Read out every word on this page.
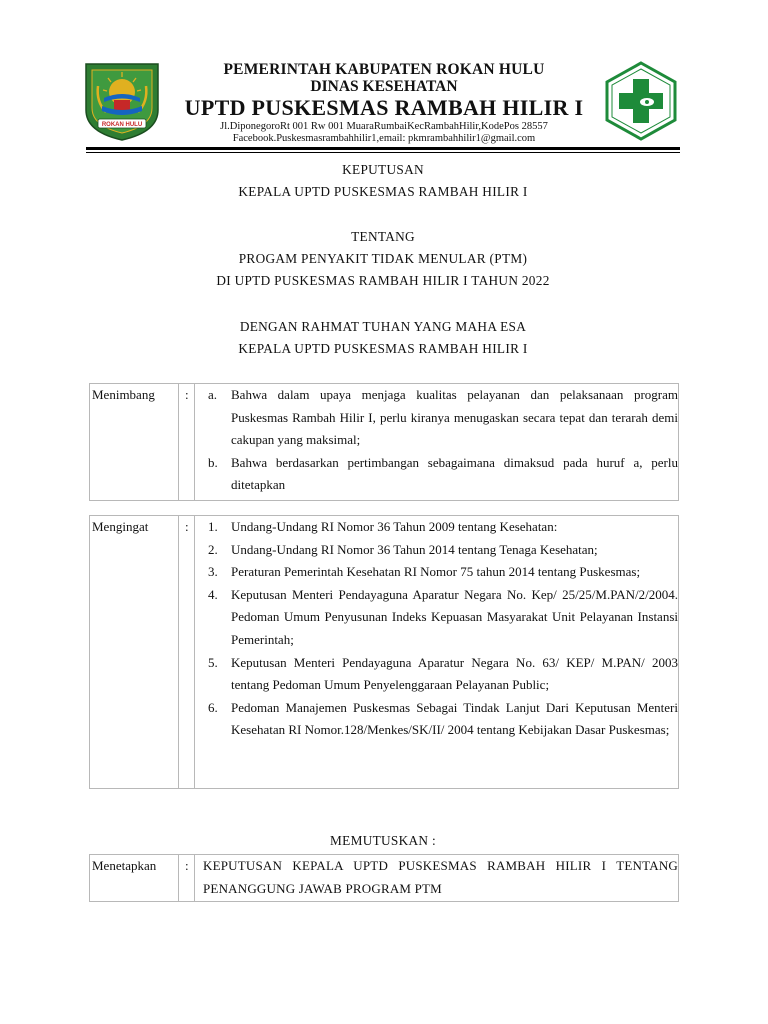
ROKAN HULU
PEMERINTAH KABUPATEN ROKAN HULU
DINAS KESEHATAN
UPTD PUSKESMAS RAMBAH HILIR I
Jl.DiponegoroRt 001 Rw 001 MuaraRumbaiKecRambahHilir,KodePos 28557
Facebook.Puskesmasrambahhilir1,email: pkmrambahhilir1@gmail.com
KEPUTUSAN
KEPALA UPTD PUSKESMAS RAMBAH HILIR I
TENTANG
PROGAM PENYAKIT TIDAK MENULAR (PTM)
DI UPTD PUSKESMAS RAMBAH HILIR I TAHUN 2022
DENGAN RAHMAT TUHAN YANG MAHA ESA
KEPALA UPTD PUSKESMAS RAMBAH HILIR I
Menimbang : a. Bahwa dalam upaya menjaga kualitas pelayanan dan pelaksanaan program Puskesmas Rambah Hilir I, perlu kiranya menugaskan secara tepat dan terarah demi cakupan yang maksimal;
b. Bahwa berdasarkan pertimbangan sebagaimana dimaksud pada huruf a, perlu ditetapkan
Mengingat	: 1. Undang-Undang RI Nomor 36 Tahun 2009 tentang Kesehatan:
2. Undang-Undang RI Nomor 36 Tahun 2014 tentang Tenaga Kesehatan;
3. Peraturan Pemerintah Kesehatan RI Nomor 75 tahun 2014 tentang Puskesmas;
4. Keputusan Menteri Pendayaguna Aparatur Negara No. Kep/ 25/25/M.PAN/2/2004. Pedoman Umum Penyusunan Indeks Kepuasan Masyarakat Unit Pelayanan Instansi Pemerintah;
5. Keputusan Menteri Pendayaguna Aparatur Negara No. 63/ KEP/ M.PAN/ 2003 tentang Pedoman Umum Penyelenggaraan Pelayanan Public;
6. Pedoman Manajemen Puskesmas Sebagai Tindak Lanjut Dari Keputusan Menteri Kesehatan RI Nomor.128/Menkes/SK/II/ 2004 tentang Kebijakan Dasar Puskesmas;
MEMUTUSKAN :
Menetapkan : KEPUTUSAN KEPALA UPTD PUSKESMAS RAMBAH HILIR I TENTANG PENANGGUNG JAWAB PROGRAM PTM
